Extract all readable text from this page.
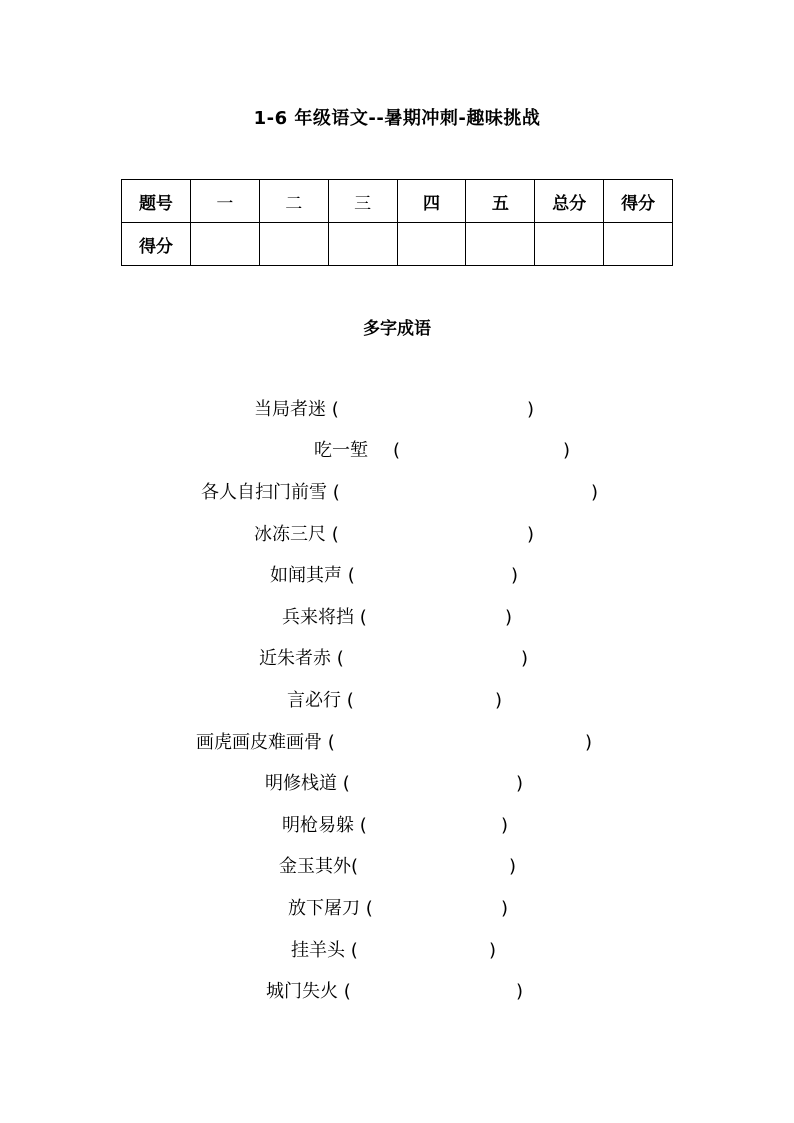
1-6 年级语文--暑期冲刺-趣味挑战
题号	一	二	三	四	五	总分	得分
得分							
多字成语
当局者迷 (	)
吃一堑 (	)
各人自扫门前雪 (	)
冰冻三尺 (	)
如闻其声 (	)
兵来将挡 (	)
近朱者赤 (	)
言必行 (	)
画虎画皮难画骨 (	)
明修栈道 (	)
明枪易躲 (	)
金玉其外(	)
放下屠刀 (	)
挂羊头 (	)
城门失火 (	)
